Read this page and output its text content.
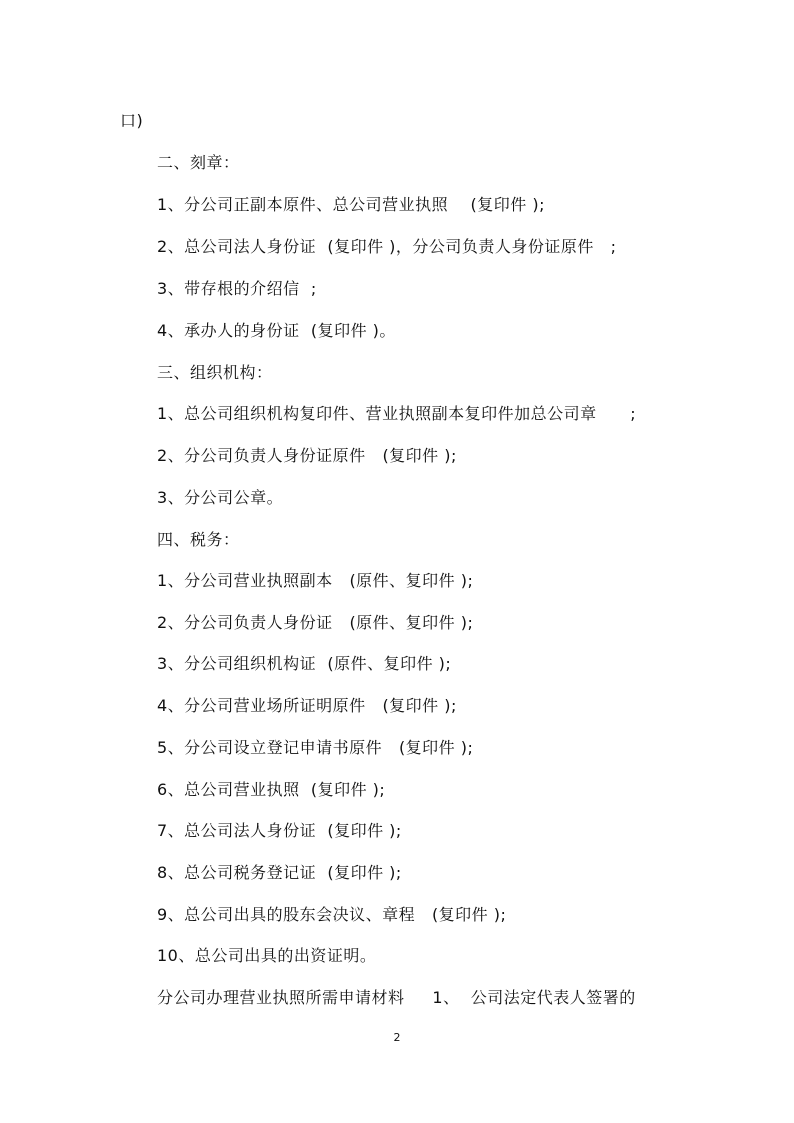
口)
二、刻章：
1、分公司正副本原件、总公司营业执照    (复印件 );
2、总公司法人身份证  (复印件 )，分公司负责人身份证原件   ;
3、带存根的介绍信  ;
4、承办人的身份证  (复印件 )。
三、组织机构：
1、总公司组织机构复印件、营业执照副本复印件加总公司章      ;
2、分公司负责人身份证原件   (复印件 );
3、分公司公章。
四、税务：
1、分公司营业执照副本   (原件、复印件 );
2、分公司负责人身份证   (原件、复印件 );
3、分公司组织机构证  (原件、复印件 );
4、分公司营业场所证明原件   (复印件 );
5、分公司设立登记申请书原件   (复印件 );
6、总公司营业执照  (复印件 );
7、总公司法人身份证  (复印件 );
8、总公司税务登记证  (复印件 );
9、总公司出具的股东会决议、章程   (复印件 );
10、总公司出具的出资证明。
分公司办理营业执照所需申请材料     1、  公司法定代表人签署的
2
